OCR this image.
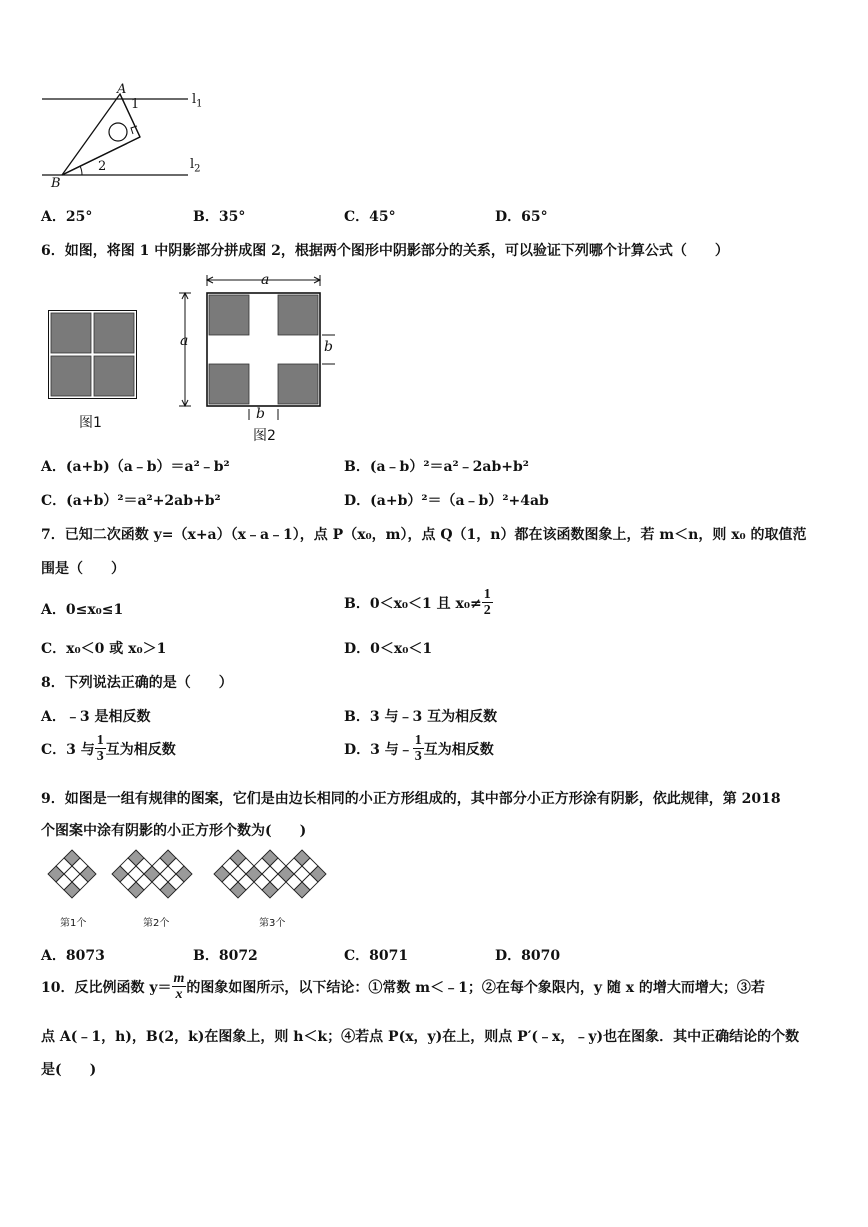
A
1
B
2
$l_1$
$l_2$
A．25°	B．35°	C．45°	D．65°
6．如图，将图 1 中阴影部分拼成图 2，根据两个图形中阴影部分的关系，可以验证下列哪个计算公式（　　）
图1
a
a	b
b
图2
A．(a+b)（a﹣b）＝a²﹣b²	B．(a﹣b）²＝a²﹣2ab+b²
C．(a+b）²＝a²+2ab+b²	D．(a+b）²＝（a﹣b）²+4ab
7．已知二次函数 y=（x+a）（x﹣a﹣1），点 P（x₀，m），点 Q（1，n）都在该函数图象上，若 m＜n，则 x₀ 的取值范
围是（　　）
A．0≤x₀≤1	B．0＜x₀＜1 且 $x_0\ne \frac{1}{2}$
C．x₀＜0 或 x₀＞1	D．0＜x₀＜1
8．下列说法正确的是（　　）
A．﹣3 是相反数	B．3 与﹣3 互为相反数
C．3 与 $\frac{1}{3}$ 互为相反数	D．3 与﹣ $\frac{1}{3}$ 互为相反数
9．如图是一组有规律的图案，它们是由边长相同的小正方形组成的，其中部分小正方形涂有阴影，依此规律，第 2018
个图案中涂有阴影的小正方形个数为(　　)
第1个	第2个	第3个
A．8073	B．8072	C．8071	D．8070
10．反比例函数 $y= \frac{m}{x}$ 的图象如图所示，以下结论：①常数 m＜﹣1；②在每个象限内，y 随 x 的增大而增大；③若
点 A(﹣1，h)，B(2，k)在图象上，则 h＜k；④若点 P(x，y)在上，则点 P′(﹣x，﹣y)也在图象．其中正确结论的个数
是(　　)
